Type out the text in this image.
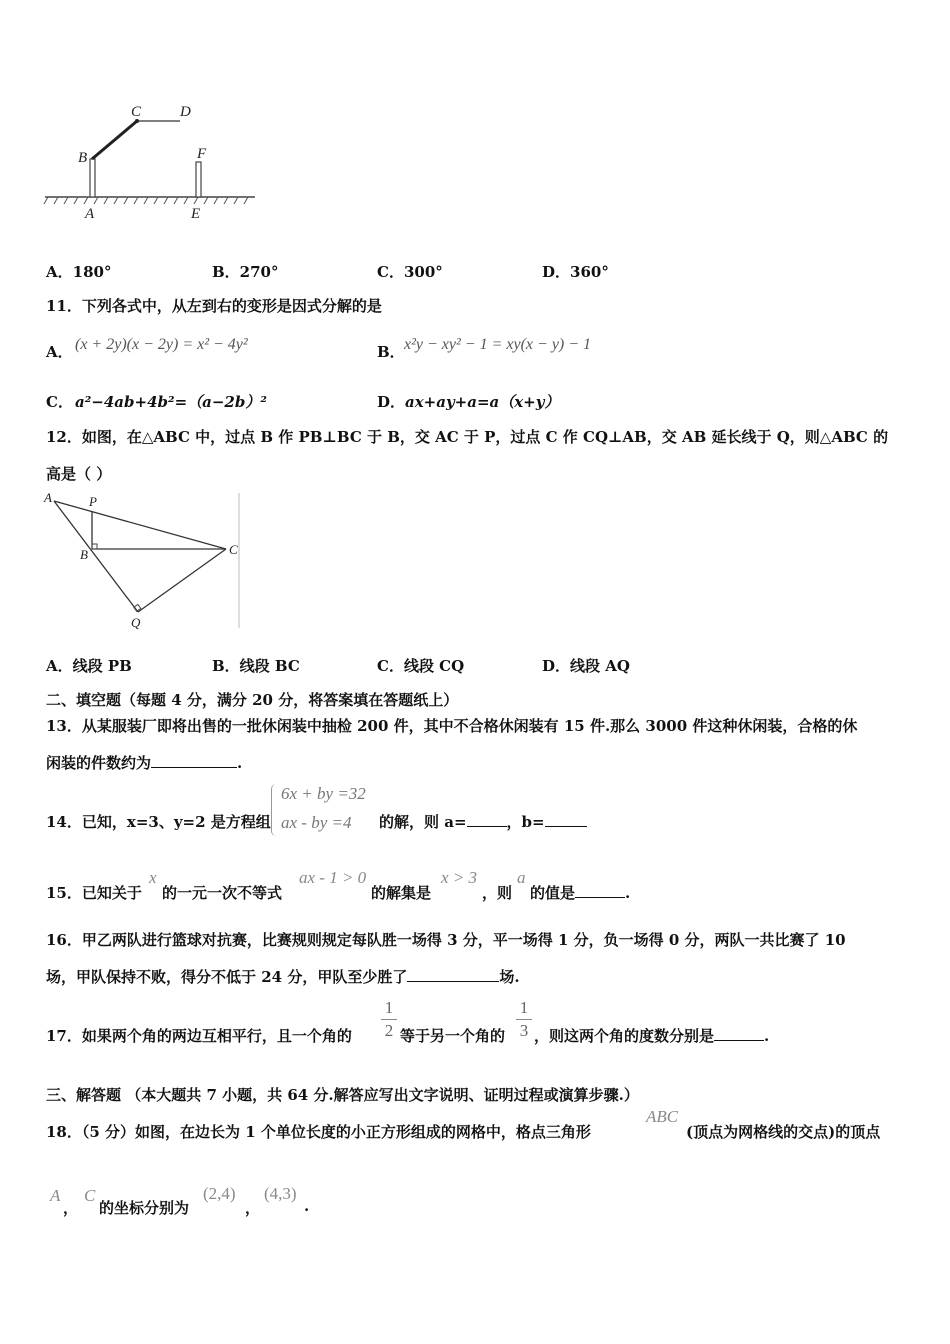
C	D
B	F
A	E
A．180°	B．270°	C．300°	D．360°
11．下列各式中，从左到右的变形是因式分解的是
A． (x + 2y)(x − 2y) = x² − 4y²	B． x²y − xy² − 1 = xy(x − y) − 1
C． a²−4ab+4b²=（a−2b）²	D． ax+ay+a=a（x+y）
12．如图，在△ABC 中，过点 B 作 PB⊥BC 于 B，交 AC 于 P，过点 C 作 CQ⊥AB，交 AB 延长线于 Q，则△ABC 的
高是（ ）
A	P
B	C
Q
A．线段 PB	B．线段 BC	C．线段 CQ	D．线段 AQ
二、填空题（每题 4 分，满分 20 分，将答案填在答题纸上）
13．从某服装厂即将出售的一批休闲装中抽检 200 件，其中不合格休闲装有 15 件.那么 3000 件这种休闲装，合格的休
闲装的件数约为	.
14．已知，x=3、y=2 是方程组
6x + by =32
ax - by =4 的解，则 a=	，b=
15．已知关于
x
的一元一次不等式
ax - 1 > 0
的解集是
x > 3
，则
a
的值是	.
16．甲乙两队进行篮球对抗赛，比赛规则规定每队胜一场得 3 分，平一场得 1 分，负一场得 0 分，两队一共比赛了 10
场，甲队保持不败，得分不低于 24 分，甲队至少胜了	场.
17．如果两个角的两边互相平行，且一个角的
1
2 等于另一个角的
1
3 ，则这两个角的度数分别是	.
三、解答题 （本大题共 7 小题，共 64 分.解答应写出文字说明、证明过程或演算步骤.）
18．（5 分）如图，在边长为 1 个单位长度的小正方形组成的网格中，格点三角形
ABC
(顶点为网格线的交点)的顶点
A
，
C
的坐标分别为
(2,4)
，
(4,3)
.
